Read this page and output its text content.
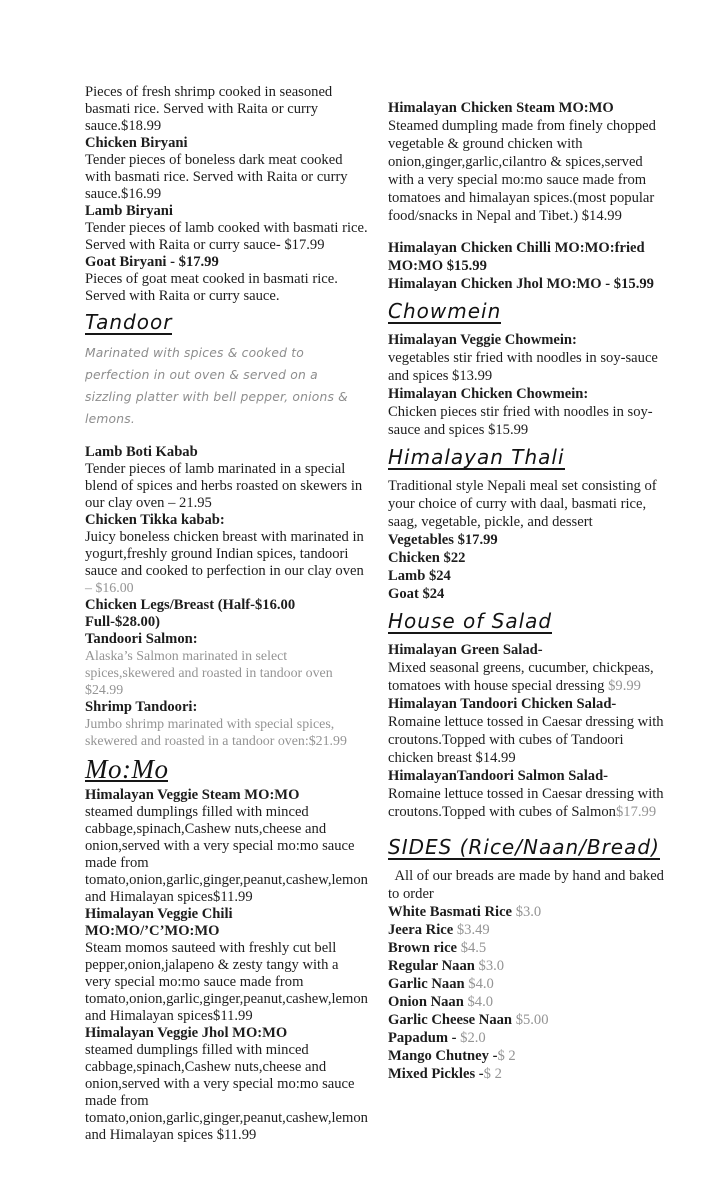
Pieces of fresh shrimp cooked in seasoned basmati rice. Served with Raita or curry sauce.$18.99

Chicken Biryani

Tender pieces of boneless dark meat cooked with basmati rice. Served with Raita or curry sauce.$16.99

Lamb Biryani

Tender pieces of lamb cooked with basmati rice. Served with Raita or curry sauce- $17.99

Goat Biryani - $17.99

Pieces of goat meat cooked in basmati rice. Served with Raita or curry sauce.

Tandoor

Marinated with spices & cooked to perfection in out oven & served on a sizzling platter with bell pepper, onions & lemons.

Lamb Boti Kabab

Tender pieces of lamb marinated in a special blend of spices and herbs roasted on skewers in our clay oven – 21.95

Chicken Tikka kabab:

Juicy boneless chicken breast with marinated in yogurt,freshly ground Indian spices, tandoori sauce and cooked to perfection in our clay oven

– $16.00

Chicken Legs/Breast (Half-$16.00 Full-$28.00)

Tandoori Salmon:

Alaska’s Salmon marinated in select spices,skewered and roasted in tandoor oven $24.99

Shrimp Tandoori:

Jumbo shrimp marinated with special spices, skewered and roasted in a tandoor oven:$21.99

Mo:Mo

Himalayan Veggie Steam MO:MO

steamed dumplings filled with minced cabbage,spinach,Cashew nuts,cheese and onion,served with a very special mo:mo sauce made from tomato,onion,garlic,ginger,peanut,cashew,lemon and Himalayan spices$11.99

Himalayan Veggie Chili MO:MO/’C’MO:MO

Steam momos sauteed with freshly cut bell pepper,onion,jalapeno & zesty tangy with a very special mo:mo sauce made from tomato,onion,garlic,ginger,peanut,cashew,lemon and Himalayan spices$11.99

Himalayan Veggie Jhol MO:MO

steamed dumplings filled with minced cabbage,spinach,Cashew nuts,cheese and onion,served with a very special mo:mo sauce made from tomato,onion,garlic,ginger,peanut,cashew,lemon and Himalayan spices $11.99

Himalayan Chicken Steam MO:MO

Steamed dumpling made from finely chopped vegetable & ground chicken with onion,ginger,garlic,cilantro & spices,served with a very special mo:mo sauce made from tomatoes and himalayan spices.(most popular food/snacks in Nepal and Tibet.) $14.99

Himalayan Chicken Chilli MO:MO:fried MO:MO $15.99

Himalayan Chicken Jhol MO:MO - $15.99

Chowmein

Himalayan Veggie Chowmein:

vegetables stir fried with noodles in soy-sauce and spices $13.99

Himalayan Chicken Chowmein:

Chicken pieces stir fried with noodles in soy-sauce and spices $15.99

Himalayan Thali

Traditional style Nepali meal set consisting of your choice of curry with daal, basmati rice, saag, vegetable, pickle, and dessert

Vegetables $17.99

Chicken $22

Lamb $24

Goat $24

House of Salad

Himalayan Green Salad-

Mixed seasonal greens, cucumber, chickpeas, tomatoes with house special dressing $9.99

Himalayan Tandoori Chicken Salad-

Romaine lettuce tossed in Caesar dressing with croutons.Topped with cubes of Tandoori chicken breast $14.99

HimalayanTandoori Salmon Salad-

Romaine lettuce tossed in Caesar dressing with croutons.Topped with cubes of Salmon$17.99

SIDES (Rice/Naan/Bread)

All of our breads are made by hand and baked to order

White Basmati Rice $3.0

Jeera Rice $3.49

Brown rice $4.5

Regular Naan $3.0

Garlic Naan $4.0

Onion Naan $4.0

Garlic Cheese Naan $5.00

Papadum - $2.0

Mango Chutney -$ 2

Mixed Pickles -$ 2
